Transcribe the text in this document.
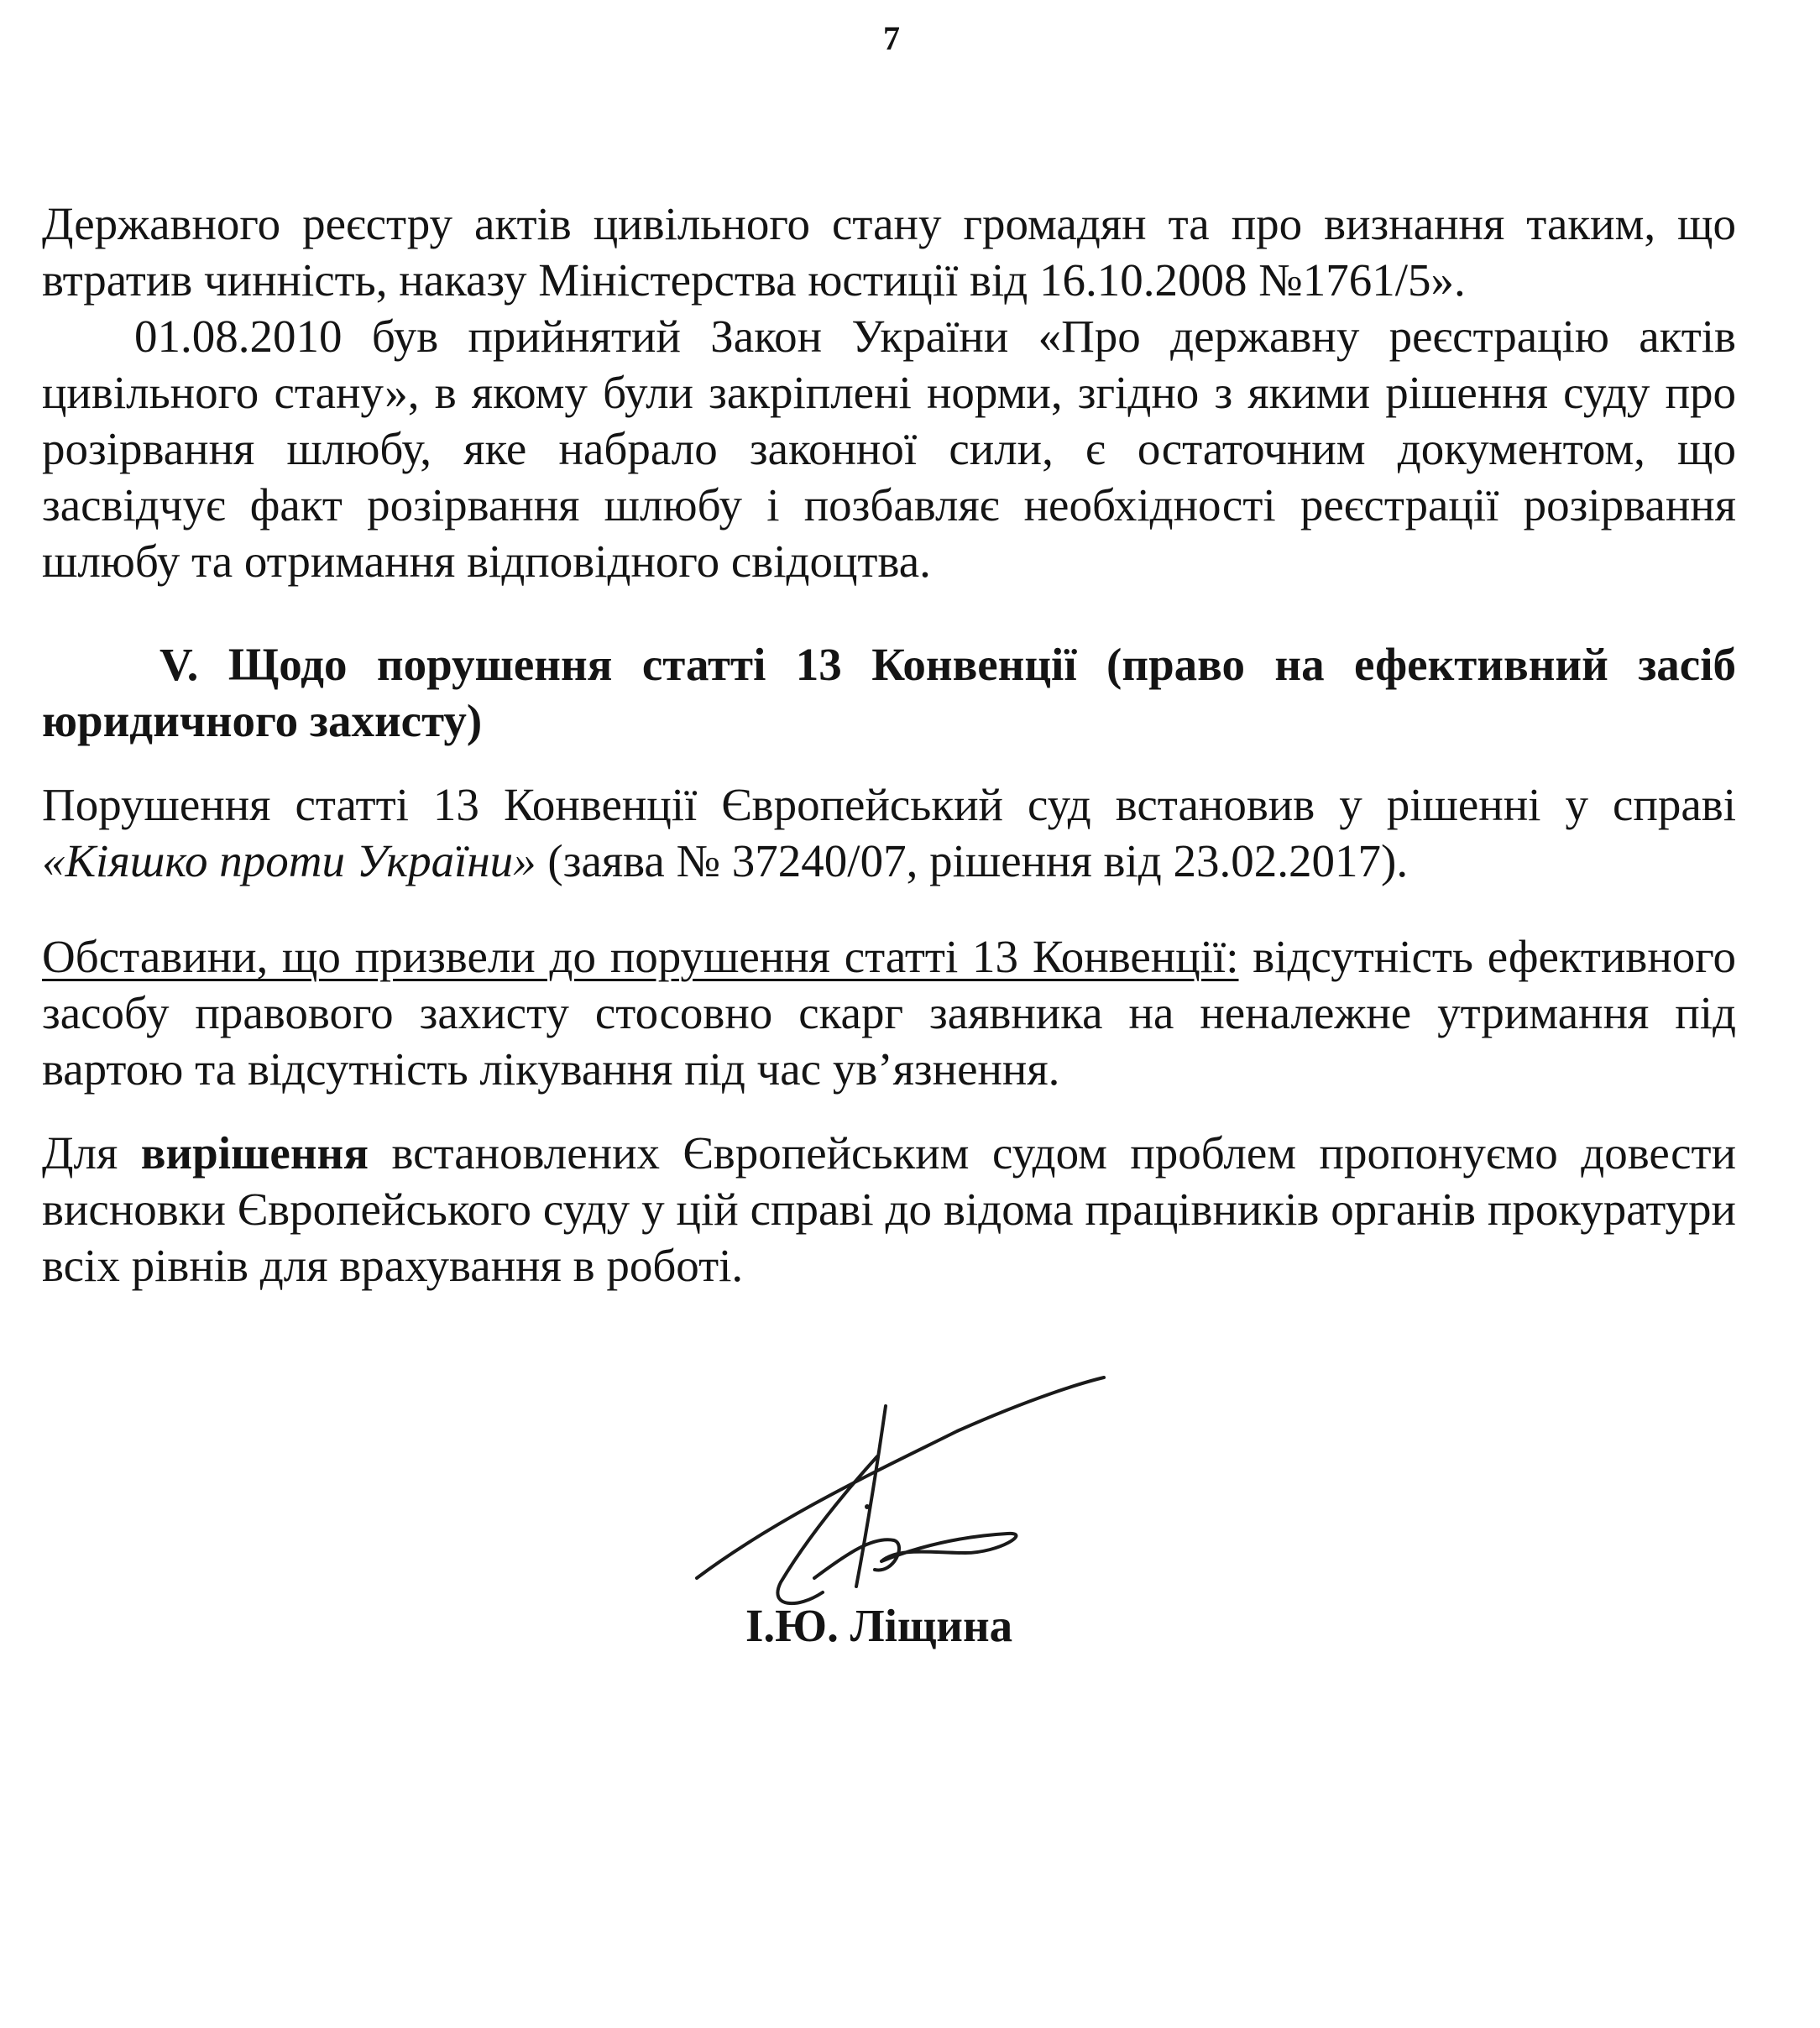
7

Державного реєстру актів цивільного стану громадян та про визнання таким, що втратив чинність, наказу Міністерства юстиції від 16.10.2008 №1761/5».

01.08.2010 був прийнятий Закон України «Про державну реєстрацію актів цивільного стану», в якому були закріплені норми, згідно з якими рішення суду про розірвання шлюбу, яке набрало законної сили, є остаточним документом, що засвідчує факт розірвання шлюбу і позбавляє необхідності реєстрації розірвання шлюбу та отримання відповідного свідоцтва.

V. Щодо порушення статті 13 Конвенції (право на ефективний засіб юридичного захисту)

Порушення статті 13 Конвенції Європейський суд встановив у рішенні у справі «Кіяшко проти України» (заява № 37240/07, рішення від 23.02.2017).

Обставини, що призвели до порушення статті 13 Конвенції: відсутність ефективного засобу правового захисту стосовно скарг заявника на неналежне утримання під вартою та відсутність лікування під час ув’язнення.

Для вирішення встановлених Європейським судом проблем пропонуємо довести висновки Європейського суду у цій справі до відома працівників органів прокуратури всіх рівнів для врахування в роботі.

І.Ю. Ліщина
